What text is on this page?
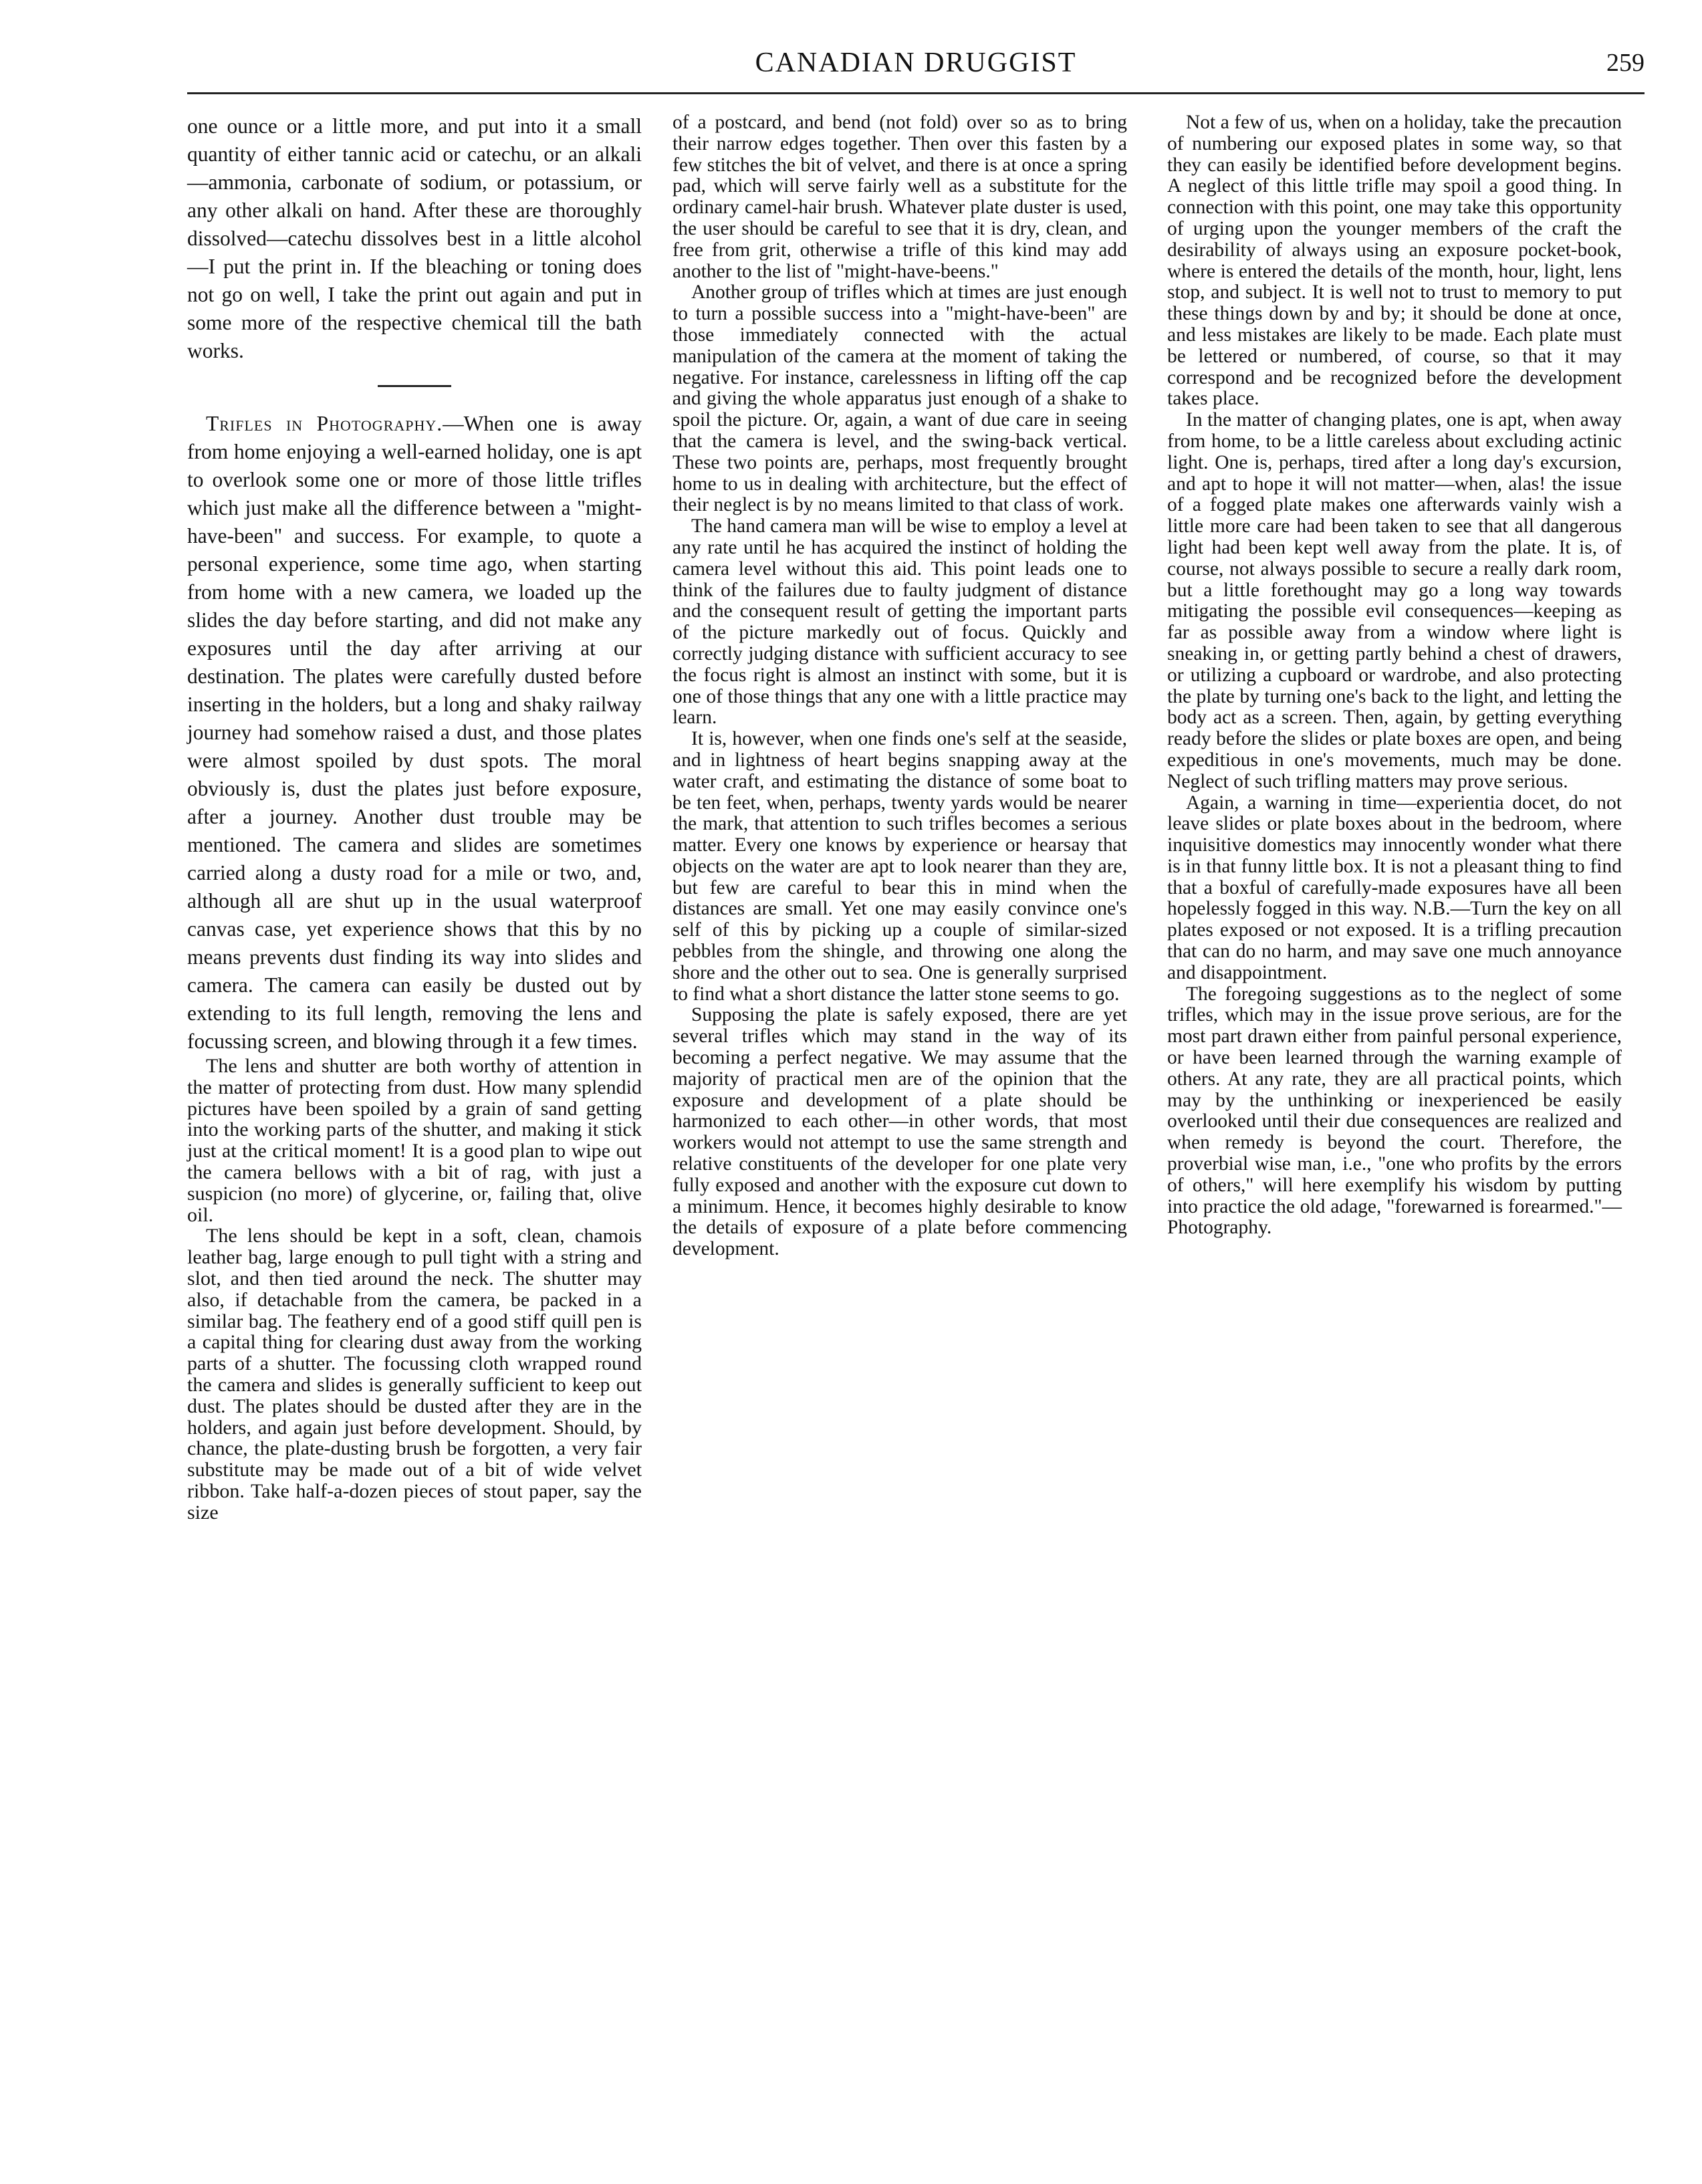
CANADIAN DRUGGIST	259

one ounce or a little more, and put into it a small quantity of either tannic acid or catechu, or an alkali—ammonia, carbonate of sodium, or potassium, or any other alkali on hand. After these are thoroughly dissolved—catechu dissolves best in a little alcohol—I put the print in. If the bleaching or toning does not go on well, I take the print out again and put in some more of the respective chemical till the bath works.

Trifles in Photography.—When one is away from home enjoying a well-earned holiday, one is apt to overlook some one or more of those little trifles which just make all the difference between a "might-have-been" and success. For example, to quote a personal experience, some time ago, when starting from home with a new camera, we loaded up the slides the day before starting, and did not make any exposures until the day after arriving at our destination. The plates were carefully dusted before inserting in the holders, but a long and shaky railway journey had somehow raised a dust, and those plates were almost spoiled by dust spots. The moral obviously is, dust the plates just before exposure, after a journey. Another dust trouble may be mentioned. The camera and slides are sometimes carried along a dusty road for a mile or two, and, although all are shut up in the usual waterproof canvas case, yet experience shows that this by no means prevents dust finding its way into slides and camera. The camera can easily be dusted out by extending to its full length, removing the lens and focussing screen, and blowing through it a few times.

The lens and shutter are both worthy of attention in the matter of protecting from dust. How many splendid pictures have been spoiled by a grain of sand getting into the working parts of the shutter, and making it stick just at the critical moment! It is a good plan to wipe out the camera bellows with a bit of rag, with just a suspicion (no more) of glycerine, or, failing that, olive oil.

The lens should be kept in a soft, clean, chamois leather bag, large enough to pull tight with a string and slot, and then tied around the neck. The shutter may also, if detachable from the camera, be packed in a similar bag. The feathery end of a good stiff quill pen is a capital thing for clearing dust away from the working parts of a shutter. The focussing cloth wrapped round the camera and slides is generally sufficient to keep out dust. The plates should be dusted after they are in the holders, and again just before development. Should, by chance, the plate-dusting brush be forgotten, a very fair substitute may be made out of a bit of wide velvet ribbon. Take half-a-dozen pieces of stout paper, say the size

of a postcard, and bend (not fold) over so as to bring their narrow edges together. Then over this fasten by a few stitches the bit of velvet, and there is at once a spring pad, which will serve fairly well as a substitute for the ordinary camel-hair brush. Whatever plate duster is used, the user should be careful to see that it is dry, clean, and free from grit, otherwise a trifle of this kind may add another to the list of "might-have-beens."

Another group of trifles which at times are just enough to turn a possible success into a "might-have-been" are those immediately connected with the actual manipulation of the camera at the moment of taking the negative. For instance, carelessness in lifting off the cap and giving the whole apparatus just enough of a shake to spoil the picture. Or, again, a want of due care in seeing that the camera is level, and the swing-back vertical. These two points are, perhaps, most frequently brought home to us in dealing with architecture, but the effect of their neglect is by no means limited to that class of work.

The hand camera man will be wise to employ a level at any rate until he has acquired the instinct of holding the camera level without this aid. This point leads one to think of the failures due to faulty judgment of distance and the consequent result of getting the important parts of the picture markedly out of focus. Quickly and correctly judging distance with sufficient accuracy to see the focus right is almost an instinct with some, but it is one of those things that any one with a little practice may learn.

It is, however, when one finds one's self at the seaside, and in lightness of heart begins snapping away at the water craft, and estimating the distance of some boat to be ten feet, when, perhaps, twenty yards would be nearer the mark, that attention to such trifles becomes a serious matter. Every one knows by experience or hearsay that objects on the water are apt to look nearer than they are, but few are careful to bear this in mind when the distances are small. Yet one may easily convince one's self of this by picking up a couple of similar-sized pebbles from the shingle, and throwing one along the shore and the other out to sea. One is generally surprised to find what a short distance the latter stone seems to go.

Supposing the plate is safely exposed, there are yet several trifles which may stand in the way of its becoming a perfect negative. We may assume that the majority of practical men are of the opinion that the exposure and development of a plate should be harmonized to each other—in other words, that most workers would not attempt to use the same strength and relative constituents of the developer for one plate very fully exposed and another with the exposure cut down to a minimum. Hence, it becomes highly desirable to know the details of exposure of a plate before commencing development.

Not a few of us, when on a holiday, take the precaution of numbering our exposed plates in some way, so that they can easily be identified before development begins. A neglect of this little trifle may spoil a good thing. In connection with this point, one may take this opportunity of urging upon the younger members of the craft the desirability of always using an exposure pocket-book, where is entered the details of the month, hour, light, lens stop, and subject. It is well not to trust to memory to put these things down by and by; it should be done at once, and less mistakes are likely to be made. Each plate must be lettered or numbered, of course, so that it may correspond and be recognized before the development takes place.

In the matter of changing plates, one is apt, when away from home, to be a little careless about excluding actinic light. One is, perhaps, tired after a long day's excursion, and apt to hope it will not matter—when, alas! the issue of a fogged plate makes one afterwards vainly wish a little more care had been taken to see that all dangerous light had been kept well away from the plate. It is, of course, not always possible to secure a really dark room, but a little forethought may go a long way towards mitigating the possible evil consequences—keeping as far as possible away from a window where light is sneaking in, or getting partly behind a chest of drawers, or utilizing a cupboard or wardrobe, and also protecting the plate by turning one's back to the light, and letting the body act as a screen. Then, again, by getting everything ready before the slides or plate boxes are open, and being expeditious in one's movements, much may be done. Neglect of such trifling matters may prove serious.

Again, a warning in time—experientia docet, do not leave slides or plate boxes about in the bedroom, where inquisitive domestics may innocently wonder what there is in that funny little box. It is not a pleasant thing to find that a boxful of carefully-made exposures have all been hopelessly fogged in this way. N.B.—Turn the key on all plates exposed or not exposed. It is a trifling precaution that can do no harm, and may save one much annoyance and disappointment.

The foregoing suggestions as to the neglect of some trifles, which may in the issue prove serious, are for the most part drawn either from painful personal experience, or have been learned through the warning example of others. At any rate, they are all practical points, which may by the unthinking or inexperienced be easily overlooked until their due consequences are realized and when remedy is beyond the court. Therefore, the proverbial wise man, i.e., "one who profits by the errors of others," will here exemplify his wisdom by putting into practice the old adage, "forewarned is forearmed."—Photography.
